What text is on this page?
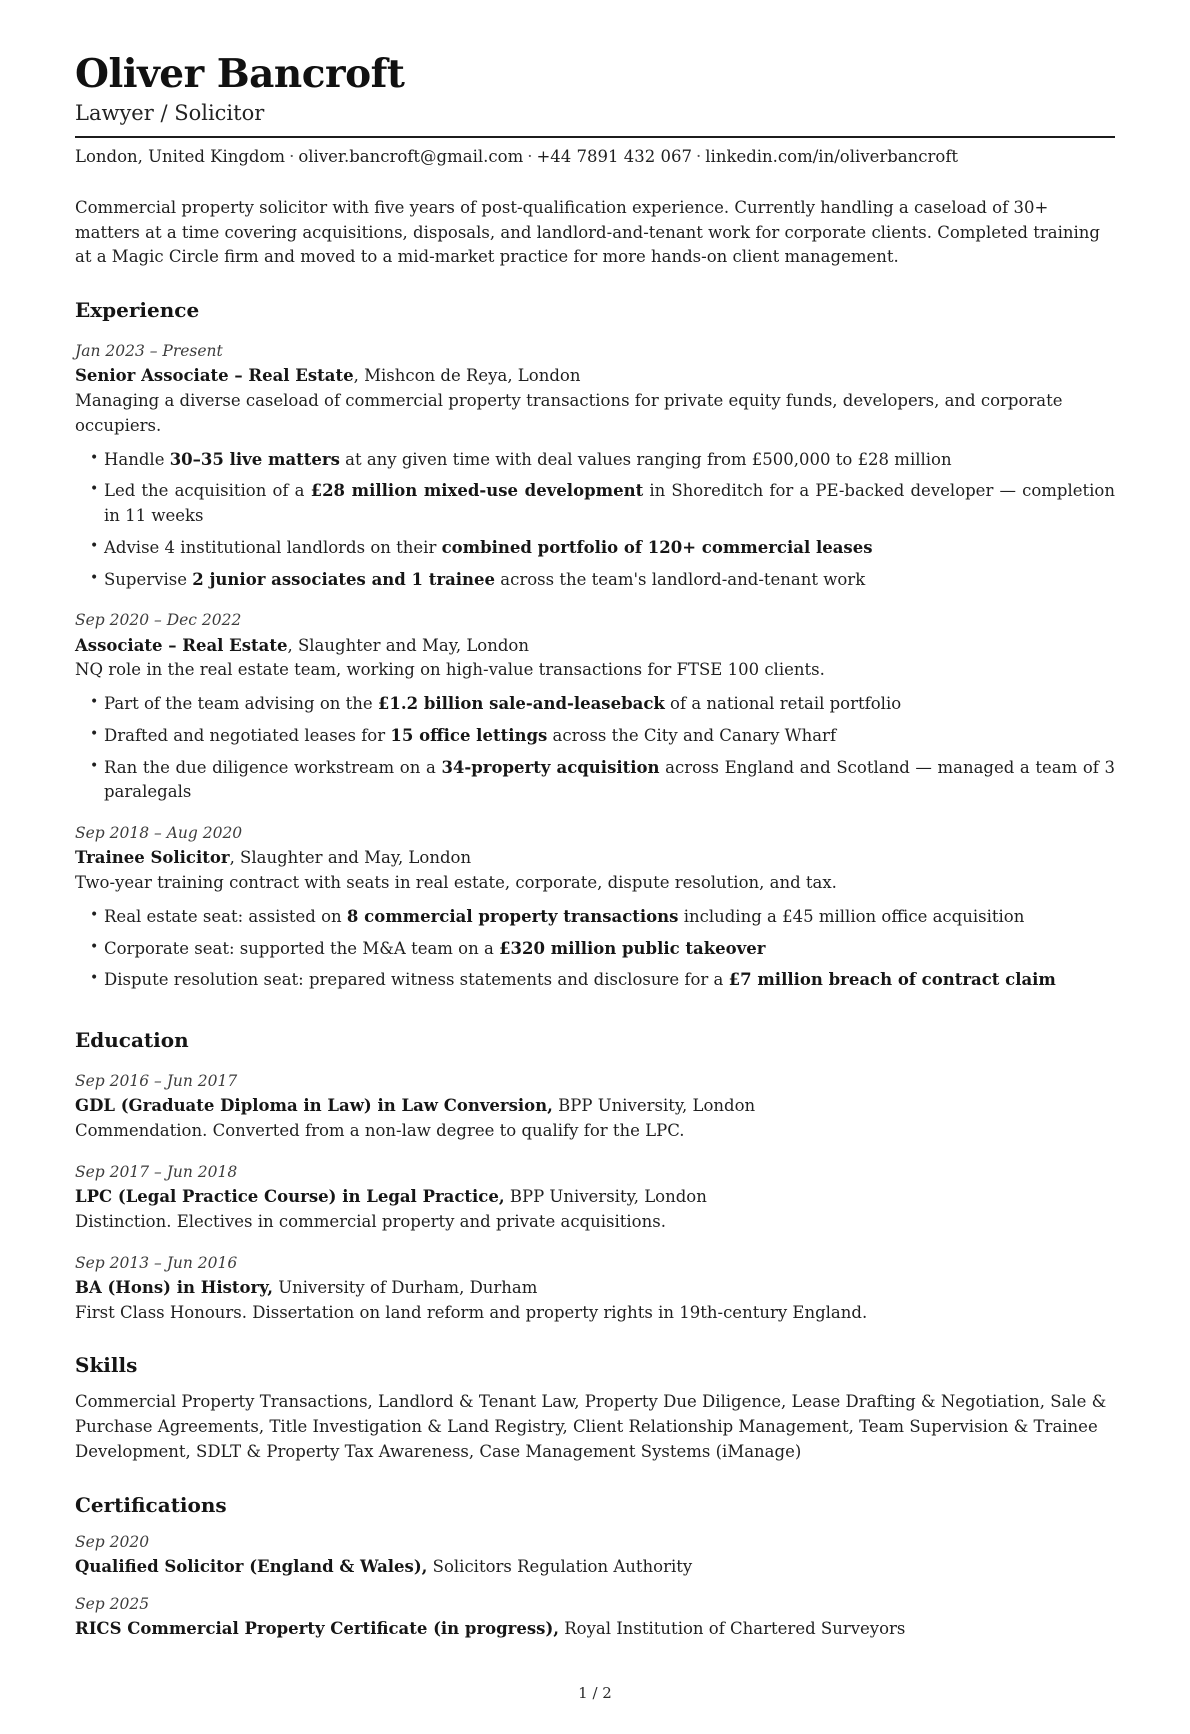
Oliver Bancroft
Lawyer / Solicitor
London, United Kingdom · oliver.bancroft@gmail.com · +44 7891 432 067 · linkedin.com/in/oliverbancroft

Commercial property solicitor with five years of post-qualification experience. Currently handling a caseload of 30+ matters at a time covering acquisitions, disposals, and landlord-and-tenant work for corporate clients. Completed training at a Magic Circle firm and moved to a mid-market practice for more hands-on client management.

Experience
Jan 2023 – Present
Senior Associate – Real Estate, Mishcon de Reya, London
Managing a diverse caseload of commercial property transactions for private equity funds, developers, and corporate occupiers.
• Handle 30–35 live matters at any given time with deal values ranging from £500,000 to £28 million
• Led the acquisition of a £28 million mixed-use development in Shoreditch for a PE-backed developer — completion in 11 weeks
• Advise 4 institutional landlords on their combined portfolio of 120+ commercial leases
• Supervise 2 junior associates and 1 trainee across the team's landlord-and-tenant work
Sep 2020 – Dec 2022
Associate – Real Estate, Slaughter and May, London
NQ role in the real estate team, working on high-value transactions for FTSE 100 clients.
• Part of the team advising on the £1.2 billion sale-and-leaseback of a national retail portfolio
• Drafted and negotiated leases for 15 office lettings across the City and Canary Wharf
• Ran the due diligence workstream on a 34-property acquisition across England and Scotland — managed a team of 3 paralegals
Sep 2018 – Aug 2020
Trainee Solicitor, Slaughter and May, London
Two-year training contract with seats in real estate, corporate, dispute resolution, and tax.
• Real estate seat: assisted on 8 commercial property transactions including a £45 million office acquisition
• Corporate seat: supported the M&A team on a £320 million public takeover
• Dispute resolution seat: prepared witness statements and disclosure for a £7 million breach of contract claim
Education
Sep 2016 – Jun 2017
GDL (Graduate Diploma in Law) in Law Conversion, BPP University, London
Commendation. Converted from a non-law degree to qualify for the LPC.
Sep 2017 – Jun 2018
LPC (Legal Practice Course) in Legal Practice, BPP University, London
Distinction. Electives in commercial property and private acquisitions.
Sep 2013 – Jun 2016
BA (Hons) in History, University of Durham, Durham
First Class Honours. Dissertation on land reform and property rights in 19th-century England.
Skills

Commercial Property Transactions, Landlord & Tenant Law, Property Due Diligence, Lease Drafting & Negotiation, Sale & Purchase Agreements, Title Investigation & Land Registry, Client Relationship Management, Team Supervision & Trainee Development, SDLT & Property Tax Awareness, Case Management Systems (iManage)

Certifications
Sep 2020
Qualified Solicitor (England & Wales), Solicitors Regulation Authority
Sep 2025
RICS Commercial Property Certificate (in progress), Royal Institution of Chartered Surveyors
1 / 2
